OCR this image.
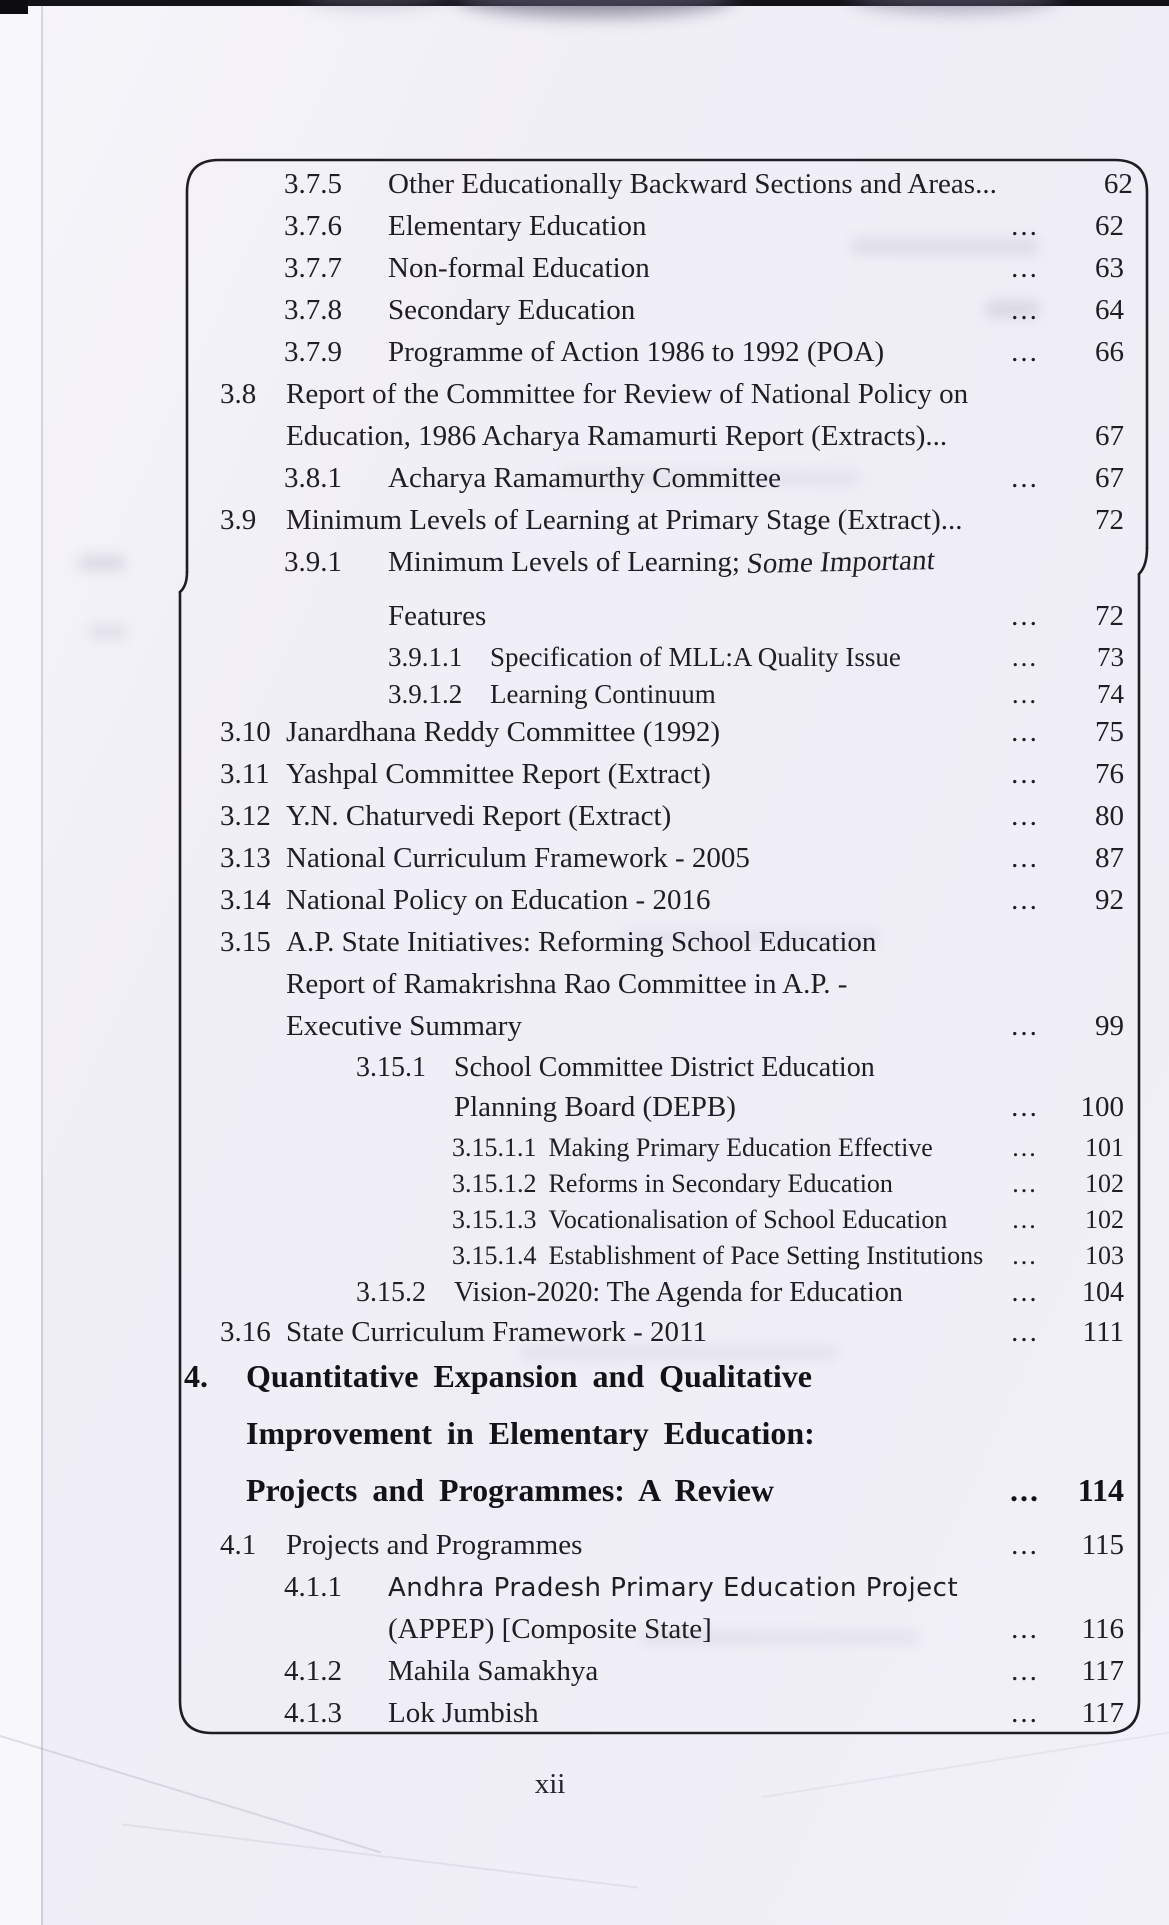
3.7.5	Other Educationally Backward Sections and Areas...	62
3.7.6	Elementary Education	...	62
3.7.7	Non-formal Education	...	63
3.7.8	Secondary Education	...	64
3.7.9	Programme of Action 1986 to 1992 (POA)	...	66
3.8	Report of the Committee for Review of National Policy on
Education, 1986 Acharya Ramamurti Report (Extracts)...	67
3.8.1	Acharya Ramamurthy Committee	...	67
3.9	Minimum Levels of Learning at Primary Stage (Extract)...	72
3.9.1	Minimum Levels of Learning; Some Important
Features	...	72
3.9.1.1	Specification of MLL:A Quality Issue	...	73
3.9.1.2	Learning Continuum	...	74
3.10 Janardhana Reddy Committee (1992)	...	75
3.11 Yashpal Committee Report (Extract)	...	76
3.12 Y.N. Chaturvedi Report (Extract)	...	80
3.13 National Curriculum Framework - 2005	...	87
3.14 National Policy on Education - 2016	...	92
3.15 A.P. State Initiatives: Reforming School Education
Report of Ramakrishna Rao Committee in A.P. -
Executive Summary	...	99
3.15.1	School Committee District Education
Planning Board (DEPB)	...	100
3.15.1.1 Making Primary Education Effective	...	101
3.15.1.2 Reforms in Secondary Education	...	102
3.15.1.3 Vocationalisation of School Education	...	102
3.15.1.4 Establishment of Pace Setting Institutions	...	103
3.15.2	Vision-2020: The Agenda for Education	...	104
3.16 State Curriculum Framework - 2011	...	111
4.	Quantitative Expansion and Qualitative
Improvement in Elementary Education:
Projects and Programmes: A Review	...	114
4.1	Projects and Programmes	...	115
4.1.1	Andhra Pradesh Primary Education Project
(APPEP) [Composite State]	...	116
4.1.2	Mahila Samakhya	...	117
4.1.3	Lok Jumbish	...	117
xii
